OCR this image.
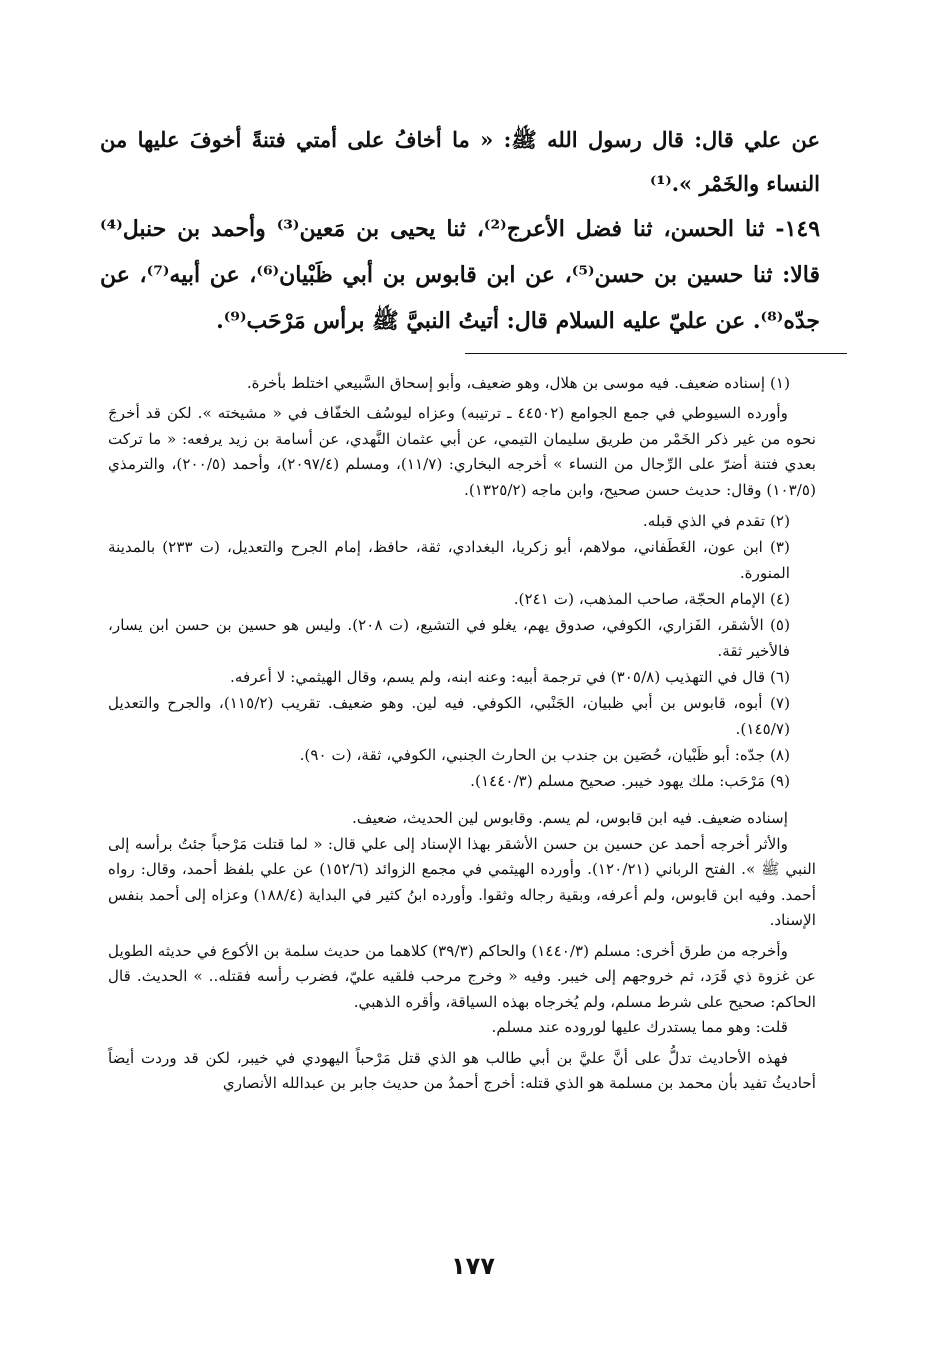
عن علي قال: قال رسول الله ﷺ: « ما أخافُ على أمتي فتنةً أخوفَ عليها من النساء والخَمْر ».⁽¹⁾

١٤٩- ثنا الحسن، ثنا فضل الأعرج⁽²⁾، ثنا يحيى بن مَعين⁽³⁾ وأحمد بن حنبل⁽⁴⁾ قالا: ثنا حسين بن حسن⁽⁵⁾، عن ابن قابوس بن أبي ظَبْيان⁽⁶⁾، عن أبيه⁽⁷⁾، عن جدّه⁽⁸⁾. عن عليّ عليه السلام قال: أتيتُ النبيَّ ﷺ برأس مَرْحَب⁽⁹⁾.

(١) إسناده ضعيف. فيه موسى بن هلال، وهو ضعيف، وأبو إسحاق السَّبيعي اختلط بأخرة.

وأورده السيوطي في جمع الجوامع (٤٤٥٠٢ ـ ترتيبه) وعزاه ليوسُف الخفّاف في « مشيخته ». لكن قد أخرجَ نحوه من غير ذكر الخَمْر من طريق سليمان التيمي، عن أبي عثمان النَّهدي، عن أسامة بن زيد يرفعه: « ما تركت بعدي فتنة أضرّ على الرِّجال من النساء » أخرجه البخاري: (١١/٧)، ومسلم (٢٠٩٧/٤)، وأحمد (٢٠٠/٥)، والترمذي (١٠٣/٥) وقال: حديث حسن صحيح، وابن ماجه (١٣٢٥/٢).

(٢) تقدم في الذي قبله.

(٣) ابن عون، الغَطَفاني، مولاهم، أبو زكريا، البغدادي، ثقة، حافظ، إمام الجرح والتعديل، (ت ٢٣٣) بالمدينة المنورة.

(٤) الإمام الحجّة، صاحب المذهب، (ت ٢٤١).

(٥) الأشقر، الفَزاري، الكوفي، صدوق يهم، يغلو في التشيع، (ت ٢٠٨). وليس هو حسين بن حسن ابن يسار، فالأخير ثقة.

(٦) قال في التهذيب (٣٠٥/٨) في ترجمة أبيه: وعنه ابنه، ولم يسم، وقال الهيثمي: لا أعرفه.

(٧) أبوه، قابوس بن أبي ظبيان، الجَنْبي، الكوفي. فيه لين. وهو ضعيف. تقريب (١١٥/٢)، والجرح والتعديل (١٤٥/٧).

(٨) جدّه: أبو ظَبْيان، حُصَين بن جندب بن الحارث الجنبي، الكوفي، ثقة، (ت ٩٠).

(٩) مَرْحَب: ملك يهود خيبر. صحيح مسلم (١٤٤٠/٣).

إسناده ضعيف. فيه ابن قابوس، لم يسم. وقابوس لين الحديث، ضعيف.

والأثر أخرجه أحمد عن حسين بن حسن الأشقر بهذا الإسناد إلى علي قال: « لما قتلت مَرْحباً جئتُ برأسه إلى النبي ﷺ ». الفتح الرباني (١٢٠/٢١). وأورده الهيثمي في مجمع الزوائد (١٥٢/٦) عن علي بلفظ أحمد، وقال: رواه أحمد. وفيه ابن قابوس، ولم أعرفه، وبقية رجاله وثقوا. وأورده ابنُ كثير في البداية (١٨٨/٤) وعزاه إلى أحمد بنفس الإسناد.

وأخرجه من طرق أخرى: مسلم (١٤٤٠/٣) والحاكم (٣٩/٣) كلاهما من حديث سلمة بن الأكوع في حديثه الطويل عن غزوة ذي قَرَد، ثم خروجهم إلى خيبر. وفيه « وخرج مرحب فلقيه عليّ، فضرب رأسه فقتله.. » الحديث. قال الحاكم: صحيح على شرط مسلم، ولم يُخرجاه بهذه السياقة، وأقره الذهبي.

قلت: وهو مما يستدرك عليها لوروده عند مسلم.

فهذه الأحاديث تدلُّ على أنَّ عليَّ بن أبي طالب هو الذي قتل مَرْحباً اليهودي في خيبر، لكن قد وردت أيضاً أحاديثُ تفيد بأن محمد بن مسلمة هو الذي قتله: أخرج أحمدُ من حديث جابر بن عبدالله الأنصاري

١٧٧
